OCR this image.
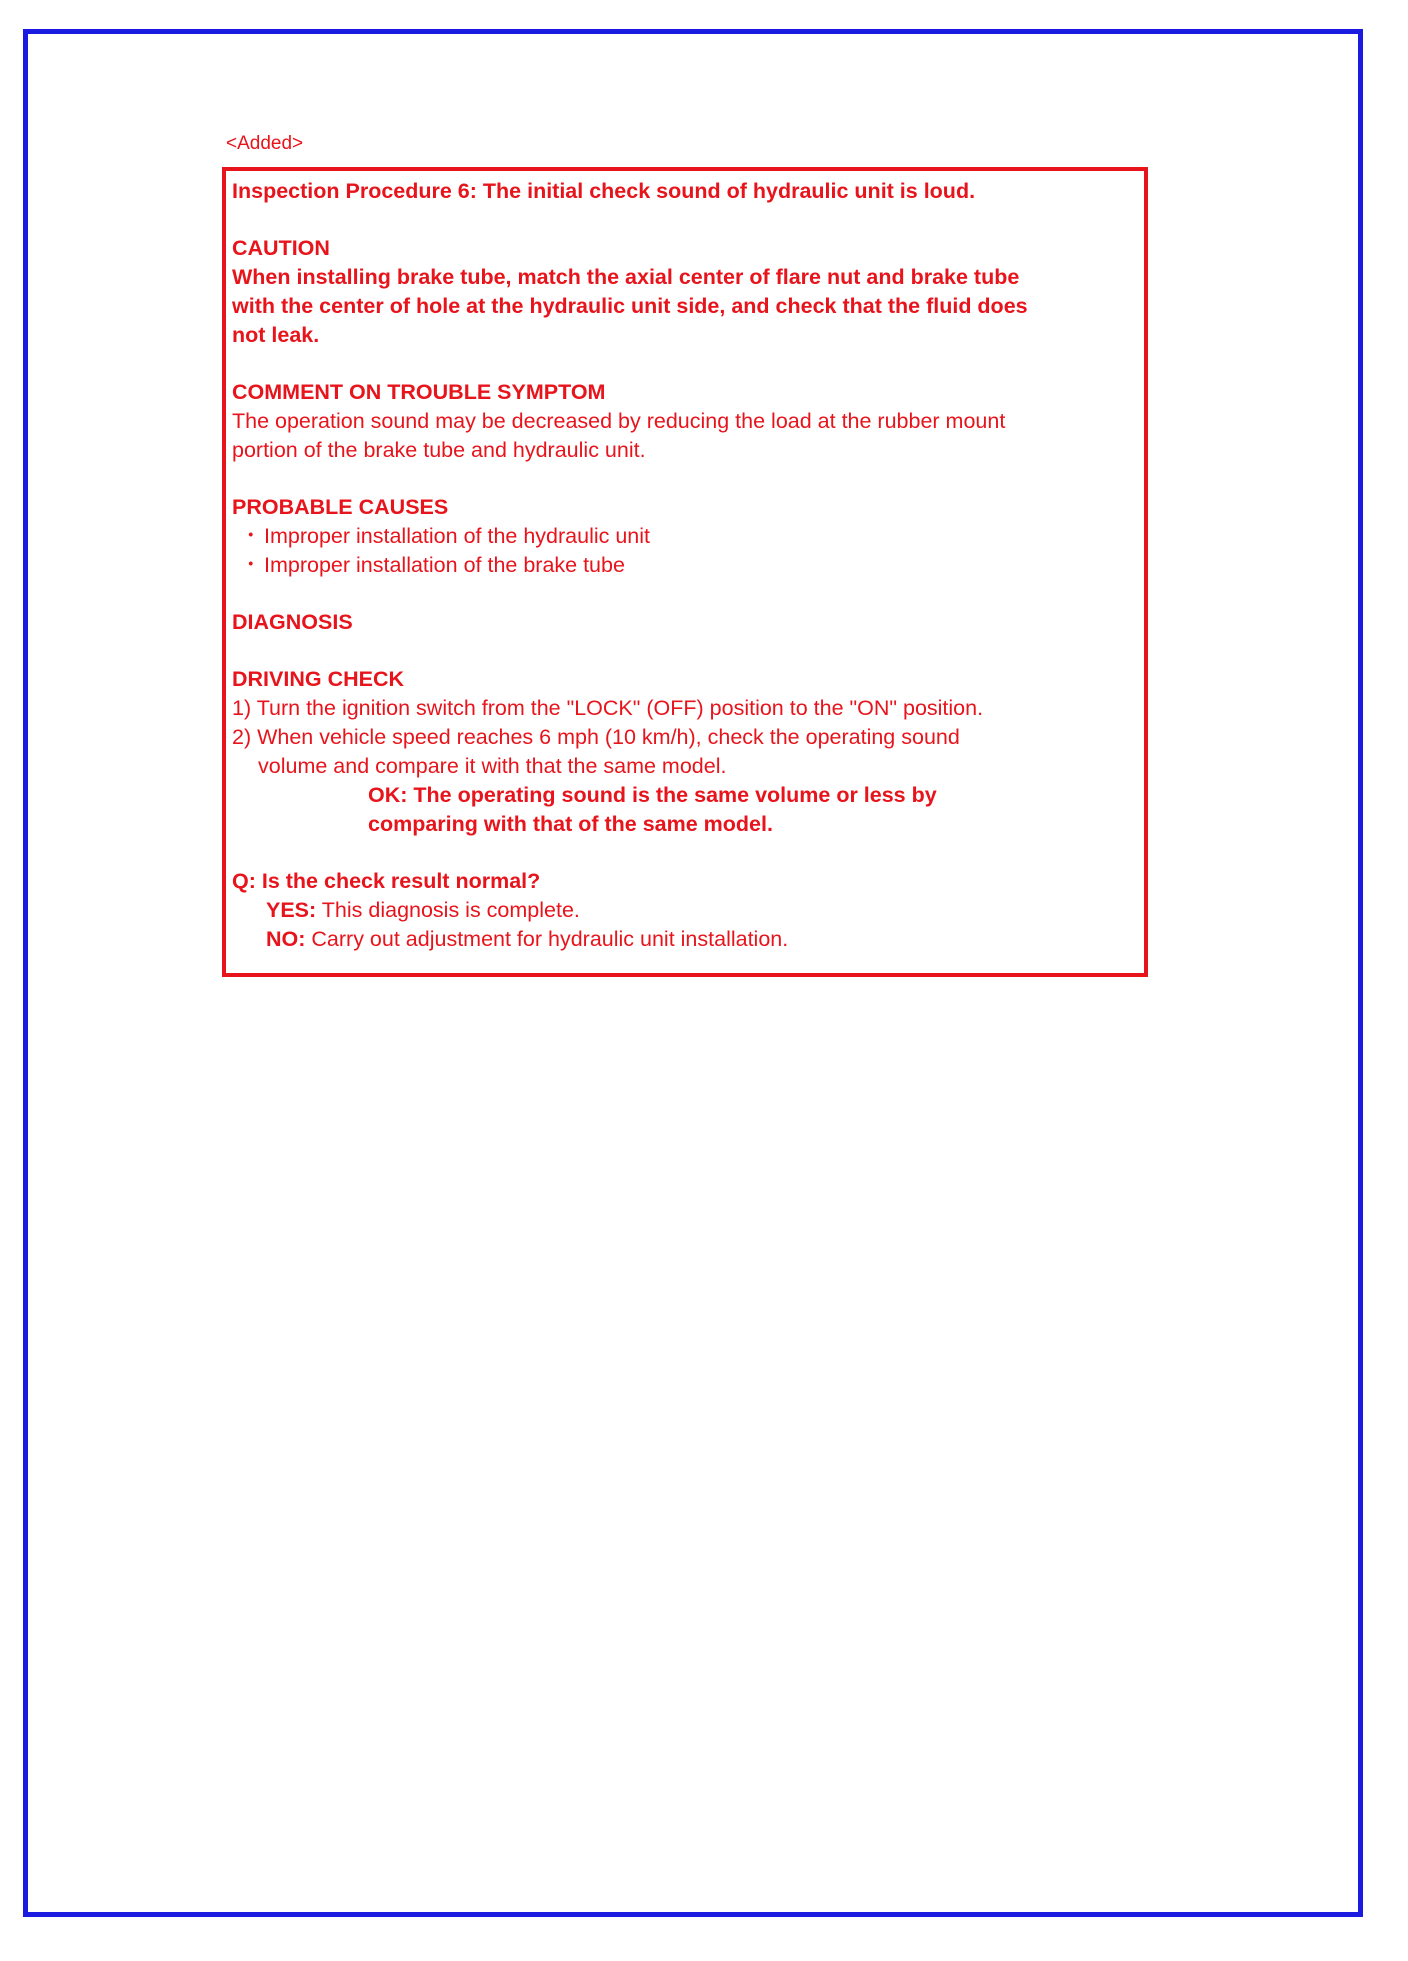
<Added>

Inspection Procedure 6: The initial check sound of hydraulic unit is loud.

CAUTION

When installing brake tube, match the axial center of flare nut and brake tube

with the center of hole at the hydraulic unit side, and check that the fluid does

not leak.

COMMENT ON TROUBLE SYMPTOM

The operation sound may be decreased by reducing the load at the rubber mount

portion of the brake tube and hydraulic unit.

PROBABLE CAUSES

・ Improper installation of the hydraulic unit
・ Improper installation of the brake tube

DIAGNOSIS

DRIVING CHECK

1) Turn the ignition switch from the "LOCK" (OFF) position to the "ON" position.

2) When vehicle speed reaches 6 mph (10 km/h), check the operating sound

volume and compare it with that the same model.

OK: The operating sound is the same volume or less by

comparing with that of the same model.

Q: Is the check result normal?

YES: This diagnosis is complete.

NO: Carry out adjustment for hydraulic unit installation.
